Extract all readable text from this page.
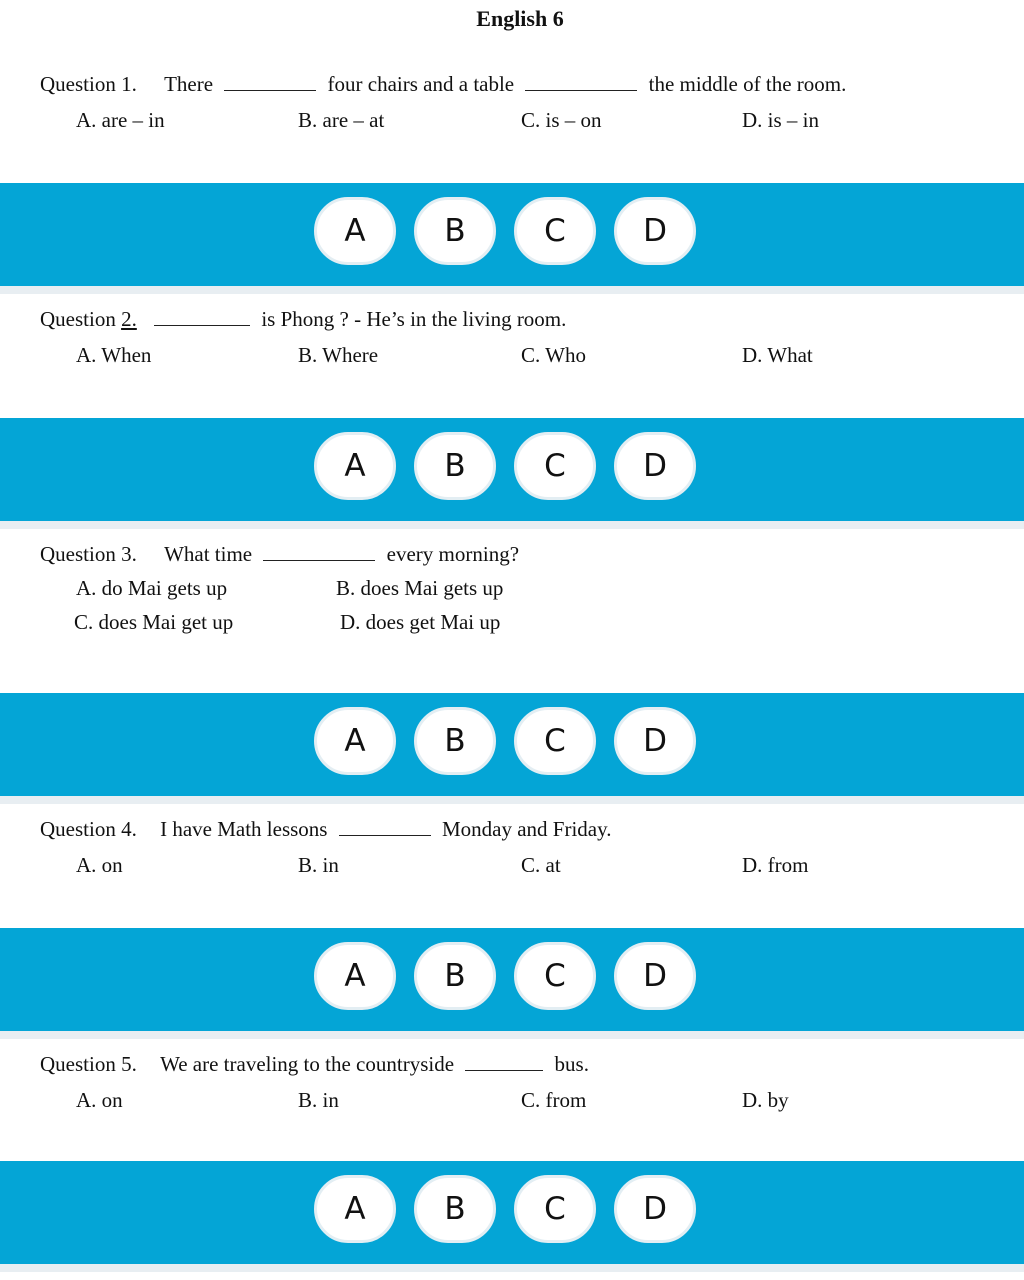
English 6
Question 1. There	four chairs and a table	the middle of the room.
A. are – in	B. are – at	C. is – on	D. is – in
A	B	C	D
Question 2.	is Phong ? - He’s in the living room.
A. When	B. Where	C. Who	D. What
A	B	C	D
Question 3. What time	every morning?
A. do Mai gets up	B. does Mai gets up
C. does Mai get up	D. does get Mai up
A	B	C	D
Question 4. I have Math lessons	Monday and Friday.
A. on	B. in	C. at	D. from
A	B	C	D
Question 5. We are traveling to the countryside	bus.
A. on	B. in	C. from	D. by
A	B	C	D
